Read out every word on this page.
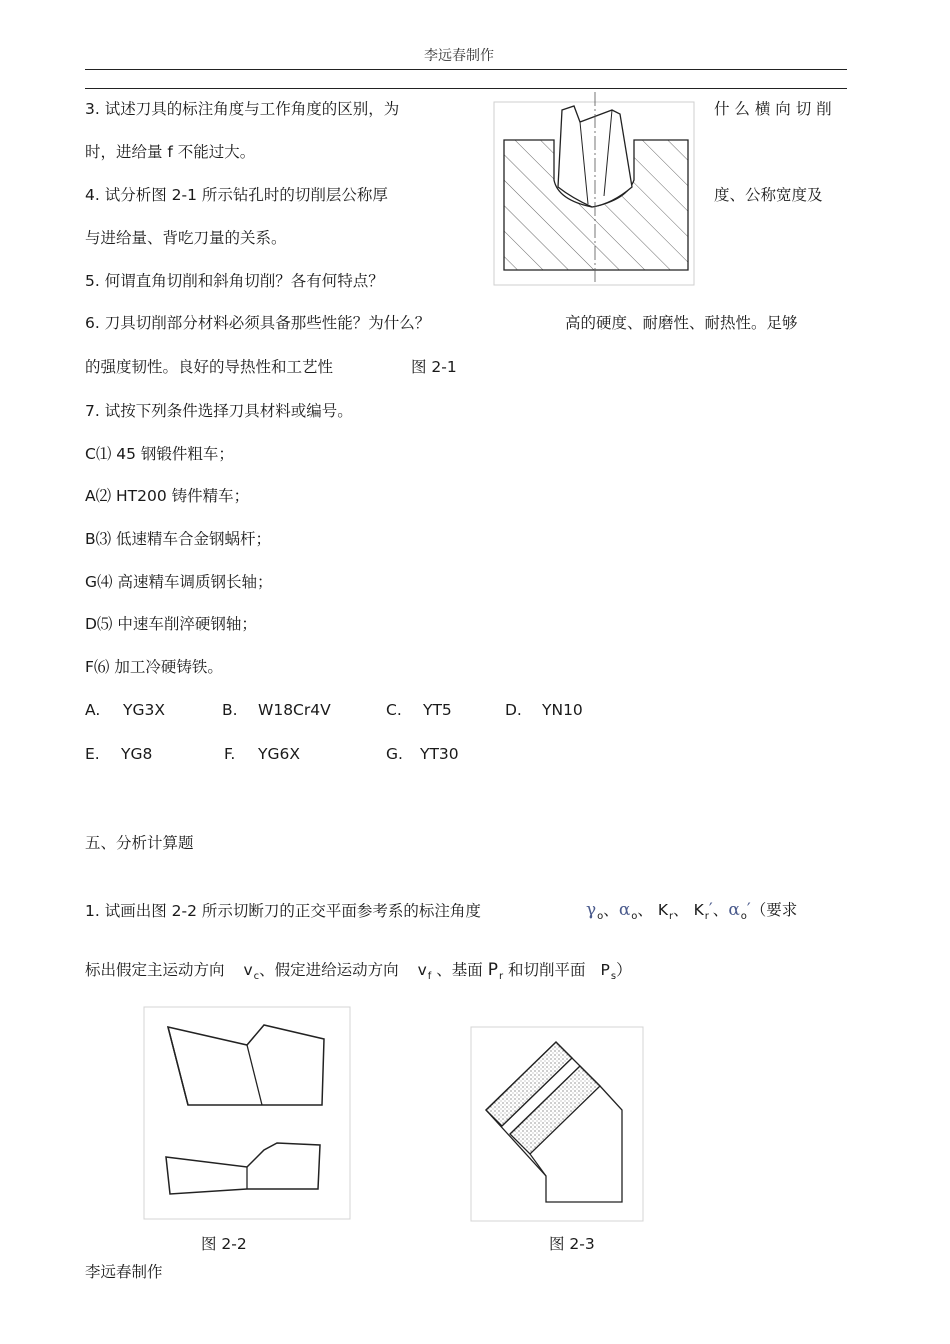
李远春制作
3. 试述刀具的标注角度与工作角度的区别，为	什 么 横 向 切 削
时，进给量 f 不能过大。
4. 试分析图 2-1 所示钻孔时的切削层公称厚	度、公称宽度及
与进给量、背吃刀量的关系。
5. 何谓直角切削和斜角切削？各有何特点？
6. 刀具切削部分材料必须具备那些性能？为什么？	高的硬度、耐磨性、耐热性。足够
的强度韧性。良好的导热性和工艺性	图 2-1
7. 试按下列条件选择刀具材料或编号。
C⑴ 45 钢锻件粗车；
A⑵ HT200 铸件精车；
B⑶ 低速精车合金钢蜗杆；
G⑷ 高速精车调质钢长轴；
D⑸ 中速车削淬硬钢轴；
F⑹ 加工冷硬铸铁。
A. YG3X	B. W18Cr4V	C. YT5	D. YN10
E. YG8	F. YG6X	G. YT30
五、分析计算题
1. 试画出图 2-2 所示切断刀的正交平面参考系的标注角度	$\gamma_o$、$\alpha_o$、 $K_r$、 $K_r'$、$\alpha_o'$（要求
标出假定主运动方向 $v_c$、假定进给运动方向 $v_f$ 、基面 $P_r$ 和切削平面 $P_s$）
图 2-2	图 2-3
李远春制作
